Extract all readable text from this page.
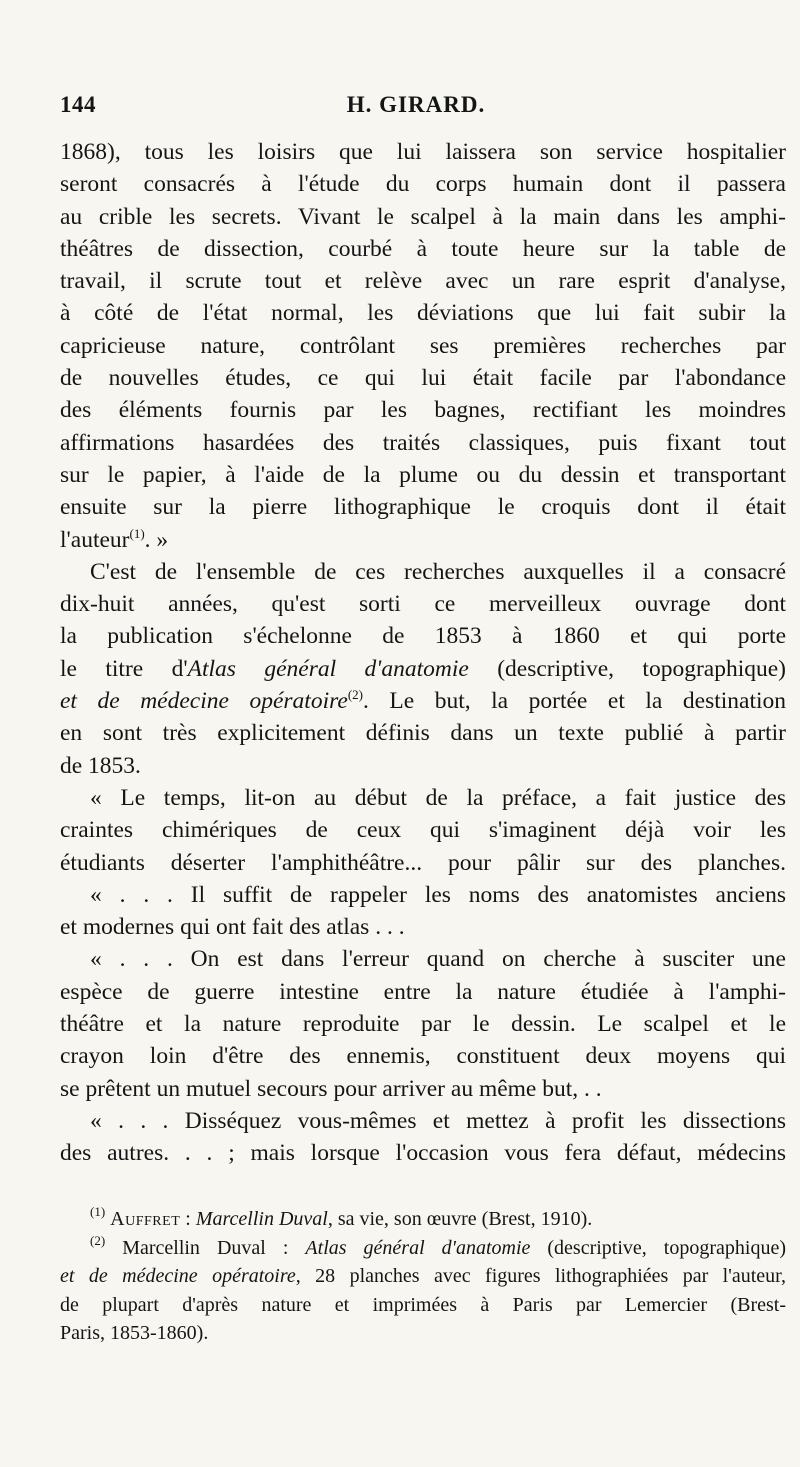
144	H. GIRARD.

1868), tous les loisirs que lui laissera son service hospitalier
seront consacrés à l'étude du corps humain dont il passera
au crible les secrets. Vivant le scalpel à la main dans les amphi-
théâtres de dissection, courbé à toute heure sur la table de
travail, il scrute tout et relève avec un rare esprit d'analyse,
à côté de l'état normal, les déviations que lui fait subir la
capricieuse nature, contrôlant ses premières recherches par
de nouvelles études, ce qui lui était facile par l'abondance
des éléments fournis par les bagnes, rectifiant les moindres
affirmations hasardées des traités classiques, puis fixant tout
sur le papier, à l'aide de la plume ou du dessin et transportant
ensuite sur la pierre lithographique le croquis dont il était
l'auteur$^{(1)}$. »

C'est de l'ensemble de ces recherches auxquelles il a consacré
dix-huit années, qu'est sorti ce merveilleux ouvrage dont
la publication s'échelonne de 1853 à 1860 et qui porte
le titre d'Atlas général d'anatomie (descriptive, topographique)
et de médecine opératoire$^{(2)}$. Le but, la portée et la destination
en sont très explicitement définis dans un texte publié à partir
de 1853.

« Le temps, lit-on au début de la préface, a fait justice des
craintes chimériques de ceux qui s'imaginent déjà voir les
étudiants déserter l'amphithéâtre... pour pâlir sur des planches.

« . . . Il suffit de rappeler les noms des anatomistes anciens
et modernes qui ont fait des atlas . . .

« . . . On est dans l'erreur quand on cherche à susciter une
espèce de guerre intestine entre la nature étudiée à l'amphi-
théâtre et la nature reproduite par le dessin. Le scalpel et le
crayon loin d'être des ennemis, constituent deux moyens qui
se prêtent un mutuel secours pour arriver au même but, . .

« . . . Disséquez vous-mêmes et mettez à profit les dissections
des autres. . . ; mais lorsque l'occasion vous fera défaut, médecins

$^{(1)}$ Auffret : Marcellin Duval, sa vie, son œuvre (Brest, 1910).

$^{(2)}$ Marcellin Duval : Atlas général d'anatomie (descriptive, topographique)
et de médecine opératoire, 28 planches avec figures lithographiées par l'auteur,
de plupart d'après nature et imprimées à Paris par Lemercier (Brest-
Paris, 1853-1860).
